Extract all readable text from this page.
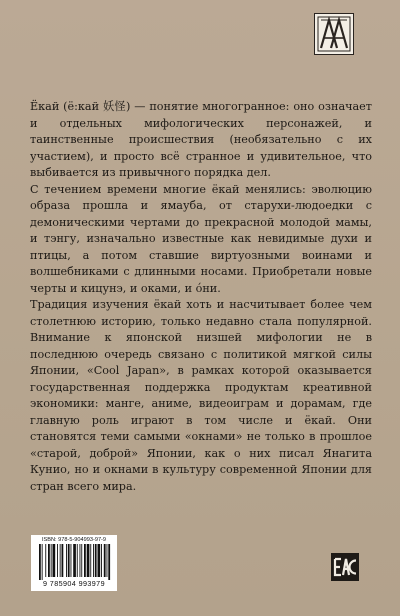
Ёкай (ё:кай 妖怪) — понятие многогранное: оно означает и отдельных мифологических персонажей, и таинственные происшествия (необязательно с их участием), и просто всё странное и удивительное, что выбивается из привычного порядка дел.

С течением времени многие ёкай менялись: эволюцию образа прошла и ямауба, от старухи-людоедки с демоническими чертами до прекрасной молодой мамы, и тэнгу, изначально известные как невидимые духи и птицы, а потом ставшие виртуозными воинами и волшебниками с длинными носами. Приобретали новые черты и кицунэ, и оками, и óни.

Традиция изучения ёкай хоть и насчитывает более чем столетнюю историю, только недавно стала популярной. Внимание к японской низшей мифологии не в последнюю очередь связано с политикой мягкой силы Японии, «Cool Japan», в рамках которой оказывается государственная поддержка продуктам креативной экономики: манге, аниме, видеоиграм и дорамам, где главную роль играют в том числе и ёкай. Они становятся теми самыми «окнами» не только в прошлое «старой, доброй» Японии, как о них писал Янагита Кунио, но и окнами в культуру современной Японии для стран всего мира.

ISBN: 978-5-904993-97-9
9 785904 993979
